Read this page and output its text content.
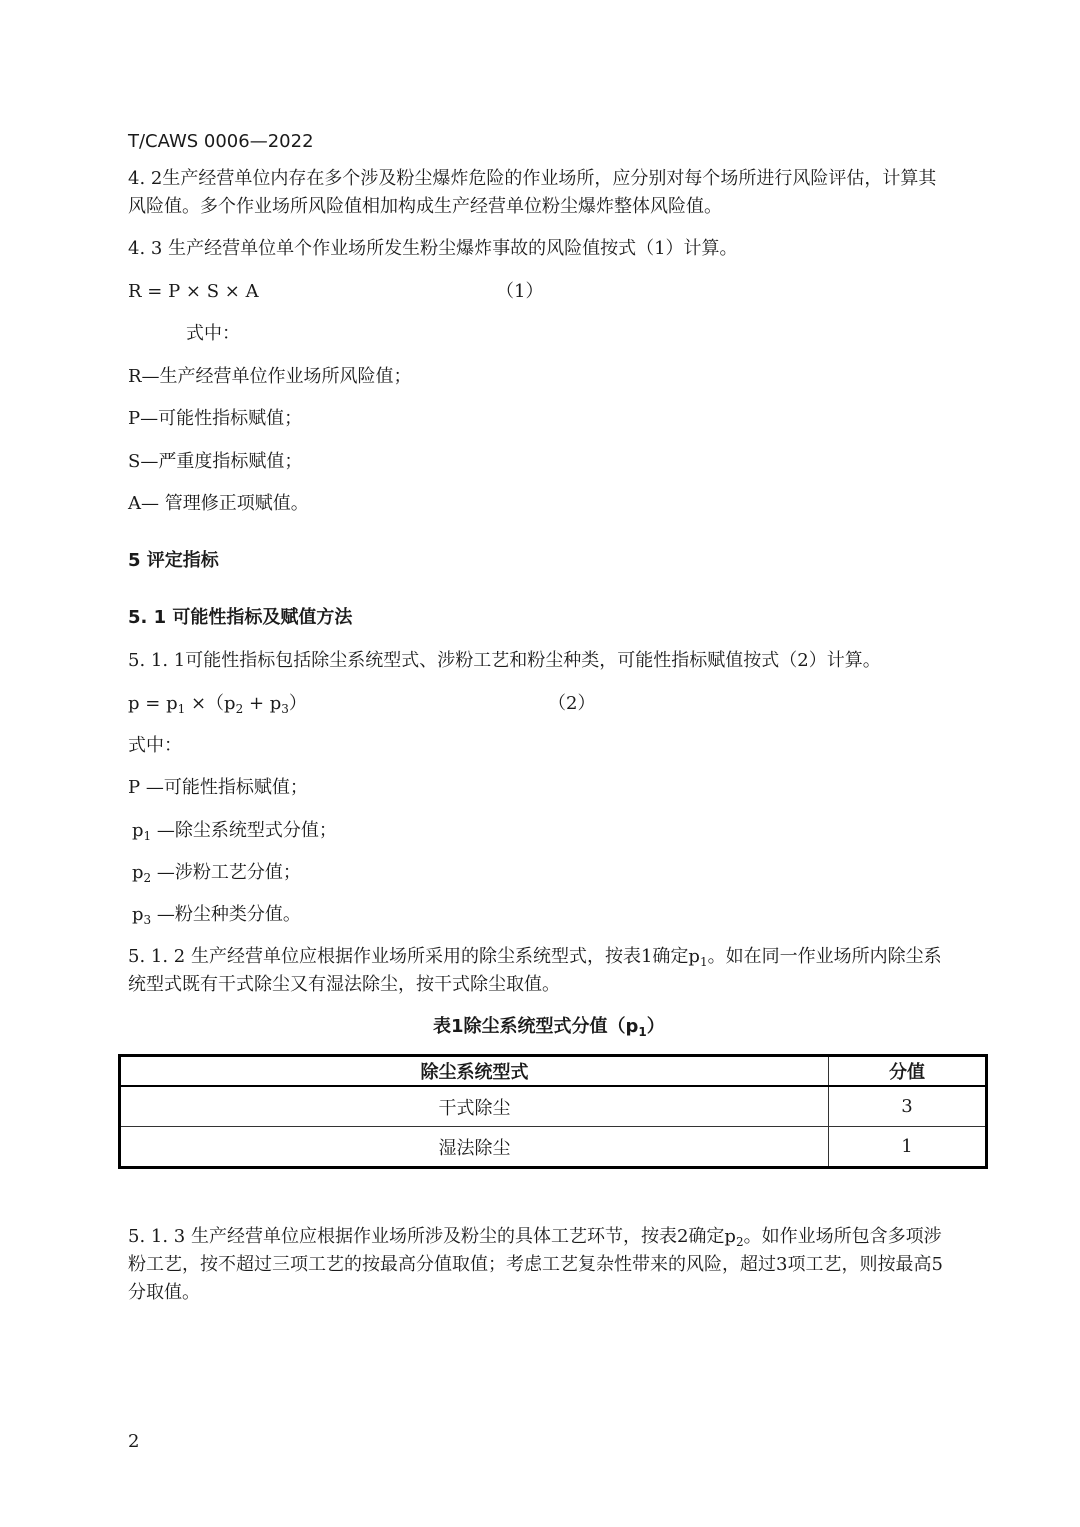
T/CAWS 0006—2022
4. 2生产经营单位内存在多个涉及粉尘爆炸危险的作业场所，应分别对每个场所进行风险评估，计算其
风险值。多个作业场所风险值相加构成生产经营单位粉尘爆炸整体风险值。
4. 3 生产经营单位单个作业场所发生粉尘爆炸事故的风险值按式（1）计算。
R = P × S × A	（1）
式中：
R—生产经营单位作业场所风险值；
P—可能性指标赋值；
S—严重度指标赋值；
A— 管理修正项赋值。
5 评定指标
5. 1 可能性指标及赋值方法
5. 1. 1可能性指标包括除尘系统型式、涉粉工艺和粉尘种类，可能性指标赋值按式（2）计算。
$p = p_1 \times(p_2 + p_3)$	（2）
式中：
P —可能性指标赋值；
$p_1$ —除尘系统型式分值；
$p_2$ —涉粉工艺分值；
$p_3$ —粉尘种类分值。
5. 1. 2 生产经营单位应根据作业场所采用的除尘系统型式，按表1确定$p_1$。如在同一作业场所内除尘系
统型式既有干式除尘又有湿法除尘，按干式除尘取值。
表1除尘系统型式分值$(p_1)$
除尘系统型式	分值
干式除尘	3
湿法除尘	1
5. 1. 3 生产经营单位应根据作业场所涉及粉尘的具体工艺环节，按表2确定$p_2$。如作业场所包含多项涉
粉工艺，按不超过三项工艺的按最高分值取值；考虑工艺复杂性带来的风险，超过3项工艺，则按最高5
分取值。
2
